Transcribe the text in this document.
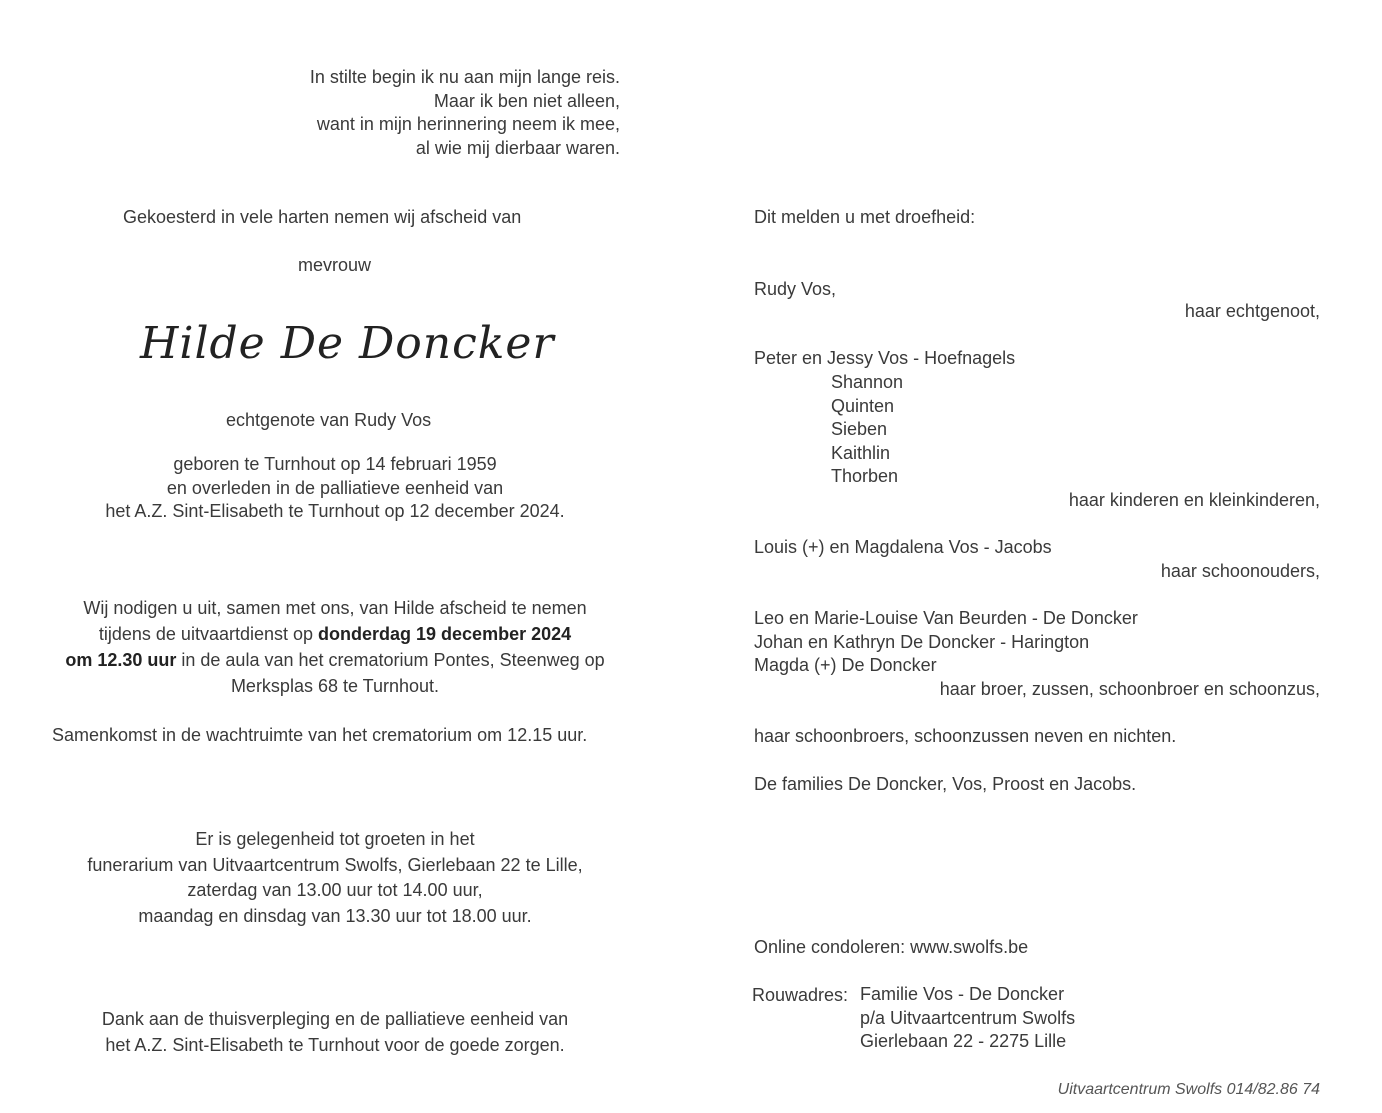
In stilte begin ik nu aan mijn lange reis.
Maar ik ben niet alleen,
want in mijn herinnering neem ik mee,
al wie mij dierbaar waren.
Gekoesterd in vele harten nemen wij afscheid van
mevrouw
Hilde De Doncker
echtgenote van Rudy Vos
geboren te Turnhout op 14 februari 1959
en overleden in de palliatieve eenheid van
het A.Z. Sint-Elisabeth te Turnhout op 12 december 2024.
Wij nodigen u uit, samen met ons, van Hilde afscheid te nemen
tijdens de uitvaartdienst op donderdag 19 december 2024
om 12.30 uur in de aula van het crematorium Pontes, Steenweg op
Merksplas 68 te Turnhout.
Samenkomst in de wachtruimte van het crematorium om 12.15 uur.
Er is gelegenheid tot groeten in het
funerarium van Uitvaartcentrum Swolfs, Gierlebaan 22 te Lille,
zaterdag van 13.00 uur tot 14.00 uur,
maandag en dinsdag van 13.30 uur tot 18.00 uur.
Dank aan de thuisverpleging en de palliatieve eenheid van
het A.Z. Sint-Elisabeth te Turnhout voor de goede zorgen.
Dit melden u met droefheid:
Rudy Vos,
haar echtgenoot,
Peter en Jessy Vos - Hoefnagels
Shannon
Quinten
Sieben
Kaithlin
Thorben
haar kinderen en kleinkinderen,
Louis (+) en Magdalena Vos - Jacobs
haar schoonouders,
Leo en Marie-Louise Van Beurden - De Doncker
Johan en Kathryn De Doncker - Harington
Magda (+) De Doncker
haar broer, zussen, schoonbroer en schoonzus,
haar schoonbroers, schoonzussen neven en nichten.
De families De Doncker, Vos, Proost en Jacobs.
Online condoleren: www.swolfs.be
Rouwadres: Familie Vos - De Doncker
p/a Uitvaartcentrum Swolfs
Gierlebaan 22 - 2275 Lille
Uitvaartcentrum Swolfs 014/82.86 74
